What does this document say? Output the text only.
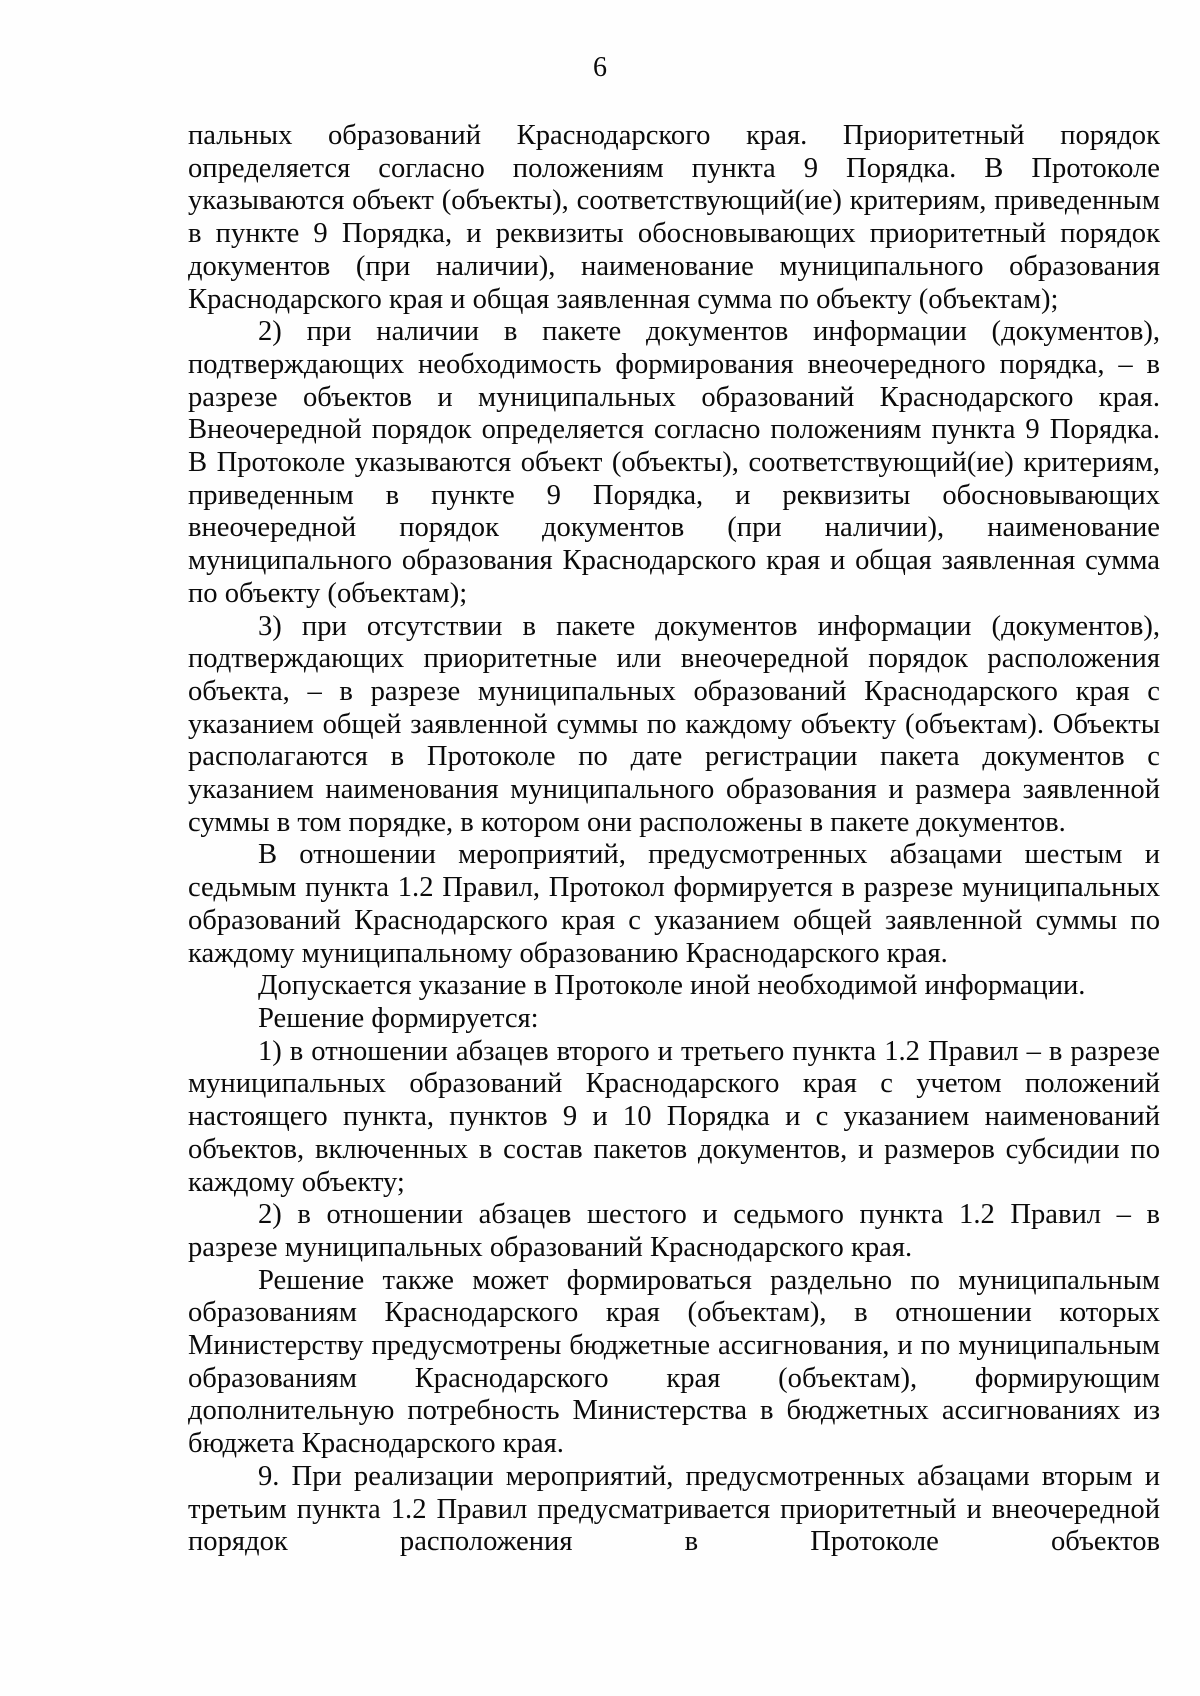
6

пальных образований Краснодарского края. Приоритетный порядок определяется согласно положениям пункта 9 Порядка. В Протоколе указываются объект (объекты), соответствующий(ие) критериям, приведенным в пункте 9 Порядка, и реквизиты обосновывающих приоритетный порядок документов (при наличии), наименование муниципального образования Краснодарского края и общая заявленная сумма по объекту (объектам);

2) при наличии в пакете документов информации (документов), подтверждающих необходимость формирования внеочередного порядка, – в разрезе объектов и муниципальных образований Краснодарского края. Внеочередной порядок определяется согласно положениям пункта 9 Порядка. В Протоколе указываются объект (объекты), соответствующий(ие) критериям, приведенным в пункте 9 Порядка, и реквизиты обосновывающих внеочередной порядок документов (при наличии), наименование муниципального образования Краснодарского края и общая заявленная сумма по объекту (объектам);

3) при отсутствии в пакете документов информации (документов), подтверждающих приоритетные или внеочередной порядок расположения объекта, – в разрезе муниципальных образований Краснодарского края с указанием общей заявленной суммы по каждому объекту (объектам). Объекты располагаются в Протоколе по дате регистрации пакета документов с указанием наименования муниципального образования и размера заявленной суммы в том порядке, в котором они расположены в пакете документов.

В отношении мероприятий, предусмотренных абзацами шестым и седьмым пункта 1.2 Правил, Протокол формируется в разрезе муниципальных образований Краснодарского края с указанием общей заявленной суммы по каждому муниципальному образованию Краснодарского края.

Допускается указание в Протоколе иной необходимой информации.

Решение формируется:

1) в отношении абзацев второго и третьего пункта 1.2 Правил – в разрезе муниципальных образований Краснодарского края с учетом положений настоящего пункта, пунктов 9 и 10 Порядка и с указанием наименований объектов, включенных в состав пакетов документов, и размеров субсидии по каждому объекту;

2) в отношении абзацев шестого и седьмого пункта 1.2 Правил – в разрезе муниципальных образований Краснодарского края.

Решение также может формироваться раздельно по муниципальным образованиям Краснодарского края (объектам), в отношении которых Министерству предусмотрены бюджетные ассигнования, и по муниципальным образованиям Краснодарского края (объектам), формирующим дополнительную потребность Министерства в бюджетных ассигнованиях из бюджета Краснодарского края.

9. При реализации мероприятий, предусмотренных абзацами вторым и третьим пункта 1.2 Правил предусматривается приоритетный и внеочередной порядок расположения в Протоколе объектов
